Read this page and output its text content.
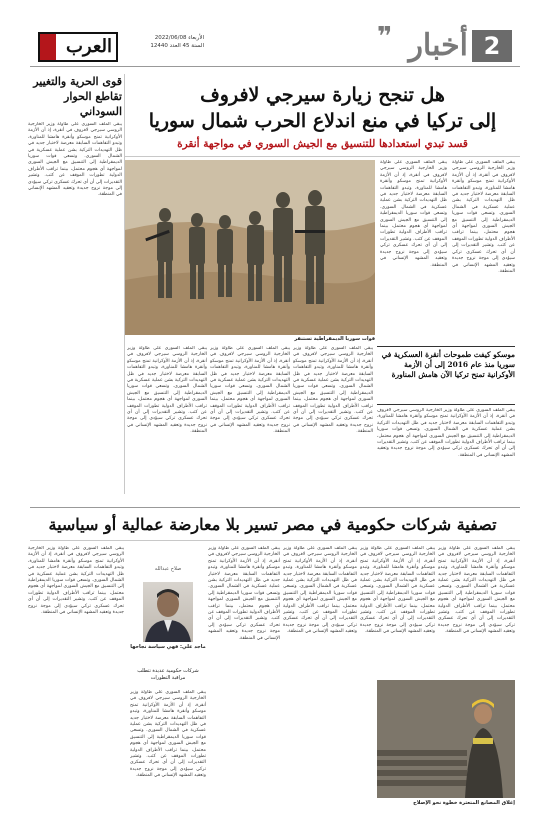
2
أخبار
❞
العرب	الأربعاء 2022/06/08
السنة 45 العدد 12440
هل تنجح زيارة سيرجي لافروف
إلى تركيا في منع اندلاع الحرب شمال سوريا
قسد تبدي استعدادها للتنسيق مع الجيش السوري في مواجهة أنقرة
قوى الحرية والتغيير تقاطع الحوار السوداني
يبقى الملف السوري على طاولة وزير الخارجية الروسي سيرجي لافروف في أنقرة، إذ أن الأزمة الأوكرانية تمنح موسكو وأنقرة هامشا للمناورة، وتبدو التفاهمات السابقة معرضة لاختبار جديد في ظل التهديدات التركية بشن عملية عسكرية في الشمال السوري. وتسعى قوات سوريا الديمقراطية إلى التنسيق مع الجيش السوري لمواجهة أي هجوم محتمل، بينما تراقب الأطراف الدولية تطورات الموقف عن كثب. وتشير التقديرات إلى أن أي تحرك عسكري تركي سيؤدي إلى موجة نزوح جديدة وتعقيد المشهد الإنساني في المنطقة.
يبقى الملف السوري على طاولة وزير الخارجية الروسي سيرجي لافروف في أنقرة، إذ أن الأزمة الأوكرانية تمنح موسكو وأنقرة هامشا للمناورة، وتبدو التفاهمات السابقة معرضة لاختبار جديد في ظل التهديدات التركية بشن عملية عسكرية في الشمال السوري. وتسعى قوات سوريا الديمقراطية إلى التنسيق مع الجيش السوري لمواجهة أي هجوم محتمل، بينما تراقب الأطراف الدولية تطورات الموقف عن كثب. وتشير التقديرات إلى أن أي تحرك عسكري تركي سيؤدي إلى موجة نزوح جديدة وتعقيد المشهد الإنساني في المنطقة.
يبقى الملف السوري على طاولة وزير الخارجية الروسي سيرجي لافروف في أنقرة، إذ أن الأزمة الأوكرانية تمنح موسكو وأنقرة هامشا للمناورة، وتبدو التفاهمات السابقة معرضة لاختبار جديد في ظل التهديدات التركية بشن عملية عسكرية في الشمال السوري. وتسعى قوات سوريا الديمقراطية إلى التنسيق مع الجيش السوري لمواجهة أي هجوم محتمل، بينما تراقب الأطراف الدولية تطورات الموقف عن كثب. وتشير التقديرات إلى أن أي تحرك عسكري تركي سيؤدي إلى موجة نزوح جديدة وتعقيد المشهد الإنساني في المنطقة.
قوات سوريا الديمقراطية تستنفر
يبقى الملف السوري على طاولة وزير الخارجية الروسي سيرجي لافروف في أنقرة، إذ أن الأزمة الأوكرانية تمنح موسكو وأنقرة هامشا للمناورة، وتبدو التفاهمات السابقة معرضة لاختبار جديد في ظل التهديدات التركية بشن عملية عسكرية في الشمال السوري. وتسعى قوات سوريا الديمقراطية إلى التنسيق مع الجيش السوري لمواجهة أي هجوم محتمل، بينما تراقب الأطراف الدولية تطورات الموقف عن كثب. وتشير التقديرات إلى أن أي تحرك عسكري تركي سيؤدي إلى موجة نزوح جديدة وتعقيد المشهد الإنساني في المنطقة.
يبقى الملف السوري على طاولة وزير الخارجية الروسي سيرجي لافروف في أنقرة، إذ أن الأزمة الأوكرانية تمنح موسكو وأنقرة هامشا للمناورة، وتبدو التفاهمات السابقة معرضة لاختبار جديد في ظل التهديدات التركية بشن عملية عسكرية في الشمال السوري. وتسعى قوات سوريا الديمقراطية إلى التنسيق مع الجيش السوري لمواجهة أي هجوم محتمل، بينما تراقب الأطراف الدولية تطورات الموقف عن كثب. وتشير التقديرات إلى أن أي تحرك عسكري تركي سيؤدي إلى موجة نزوح جديدة وتعقيد المشهد الإنساني في المنطقة.
يبقى الملف السوري على طاولة وزير الخارجية الروسي سيرجي لافروف في أنقرة، إذ أن الأزمة الأوكرانية تمنح موسكو وأنقرة هامشا للمناورة، وتبدو التفاهمات السابقة معرضة لاختبار جديد في ظل التهديدات التركية بشن عملية عسكرية في الشمال السوري. وتسعى قوات سوريا الديمقراطية إلى التنسيق مع الجيش السوري لمواجهة أي هجوم محتمل، بينما تراقب الأطراف الدولية تطورات الموقف عن كثب. وتشير التقديرات إلى أن أي تحرك عسكري تركي سيؤدي إلى موجة نزوح جديدة وتعقيد المشهد الإنساني في المنطقة.
موسكو كيفت طموحات أنقرة العسكرية في سوريا منذ عام 2016 إلى أن الأزمة الأوكرانية تمنح تركيا الآن هامش المناورة
يبقى الملف السوري على طاولة وزير الخارجية الروسي سيرجي لافروف في أنقرة، إذ أن الأزمة الأوكرانية تمنح موسكو وأنقرة هامشا للمناورة، وتبدو التفاهمات السابقة معرضة لاختبار جديد في ظل التهديدات التركية بشن عملية عسكرية في الشمال السوري. وتسعى قوات سوريا الديمقراطية إلى التنسيق مع الجيش السوري لمواجهة أي هجوم محتمل، بينما تراقب الأطراف الدولية تطورات الموقف عن كثب. وتشير التقديرات إلى أن أي تحرك عسكري تركي سيؤدي إلى موجة نزوح جديدة وتعقيد المشهد الإنساني في المنطقة.
تصفية شركات حكومية في مصر تسير بلا معارضة عمالية أو سياسية
يبقى الملف السوري على طاولة وزير الخارجية الروسي سيرجي لافروف في أنقرة، إذ أن الأزمة الأوكرانية تمنح موسكو وأنقرة هامشا للمناورة، وتبدو التفاهمات السابقة معرضة لاختبار جديد في ظل التهديدات التركية بشن عملية عسكرية في الشمال السوري. وتسعى قوات سوريا الديمقراطية إلى التنسيق مع الجيش السوري لمواجهة أي هجوم محتمل، بينما تراقب الأطراف الدولية تطورات الموقف عن كثب. وتشير التقديرات إلى أن أي تحرك عسكري تركي سيؤدي إلى موجة نزوح جديدة وتعقيد المشهد الإنساني في المنطقة.
يبقى الملف السوري على طاولة وزير الخارجية الروسي سيرجي لافروف في أنقرة، إذ أن الأزمة الأوكرانية تمنح موسكو وأنقرة هامشا للمناورة، وتبدو التفاهمات السابقة معرضة لاختبار جديد في ظل التهديدات التركية بشن عملية عسكرية في الشمال السوري. وتسعى قوات سوريا الديمقراطية إلى التنسيق مع الجيش السوري لمواجهة أي هجوم محتمل، بينما تراقب الأطراف الدولية تطورات الموقف عن كثب. وتشير التقديرات إلى أن أي تحرك عسكري تركي سيؤدي إلى موجة نزوح جديدة وتعقيد المشهد الإنساني في المنطقة.
يبقى الملف السوري على طاولة وزير الخارجية الروسي سيرجي لافروف في أنقرة، إذ أن الأزمة الأوكرانية تمنح موسكو وأنقرة هامشا للمناورة، وتبدو التفاهمات السابقة معرضة لاختبار جديد في ظل التهديدات التركية بشن عملية عسكرية في الشمال السوري. وتسعى قوات سوريا الديمقراطية إلى التنسيق مع الجيش السوري لمواجهة أي هجوم محتمل، بينما تراقب الأطراف الدولية تطورات الموقف عن كثب. وتشير التقديرات إلى أن أي تحرك عسكري تركي سيؤدي إلى موجة نزوح جديدة وتعقيد المشهد الإنساني في المنطقة.
يبقى الملف السوري على طاولة وزير الخارجية الروسي سيرجي لافروف في أنقرة، إذ أن الأزمة الأوكرانية تمنح موسكو وأنقرة هامشا للمناورة، وتبدو التفاهمات السابقة معرضة لاختبار جديد في ظل التهديدات التركية بشن عملية عسكرية في الشمال السوري. وتسعى قوات سوريا الديمقراطية إلى التنسيق مع الجيش السوري لمواجهة أي هجوم محتمل، بينما تراقب الأطراف الدولية تطورات الموقف عن كثب. وتشير التقديرات إلى أن أي تحرك عسكري تركي سيؤدي إلى موجة نزوح جديدة وتعقيد المشهد الإنساني في المنطقة.
يبقى الملف السوري على طاولة وزير الخارجية الروسي سيرجي لافروف في أنقرة، إذ أن الأزمة الأوكرانية تمنح موسكو وأنقرة هامشا للمناورة، وتبدو التفاهمات السابقة معرضة لاختبار جديد في ظل التهديدات التركية بشن عملية عسكرية في الشمال السوري. وتسعى قوات سوريا الديمقراطية إلى التنسيق مع الجيش السوري لمواجهة أي هجوم محتمل، بينما تراقب الأطراف الدولية تطورات الموقف عن كثب. وتشير التقديرات إلى أن أي تحرك عسكري تركي سيؤدي إلى موجة نزوح جديدة وتعقيد المشهد الإنساني في المنطقة.
يبقى الملف السوري على طاولة وزير الخارجية الروسي سيرجي لافروف في أنقرة، إذ أن الأزمة الأوكرانية تمنح موسكو وأنقرة هامشا للمناورة، وتبدو التفاهمات السابقة معرضة لاختبار جديد في ظل التهديدات التركية بشن عملية عسكرية في الشمال السوري. وتسعى قوات سوريا الديمقراطية إلى التنسيق مع الجيش السوري لمواجهة أي هجوم محتمل، بينما تراقب الأطراف الدولية تطورات الموقف عن كثب. وتشير التقديرات إلى أن أي تحرك عسكري تركي سيؤدي إلى موجة نزوح جديدة وتعقيد المشهد الإنساني في المنطقة.
صلاح عبدالله
ماجد علي: فهي سياسة نجاحها
شركات حكومية عديدة تتطلب مراقبة التطورات
إغلاق المصانع المتعثرة خطوة نحو الإصلاح
